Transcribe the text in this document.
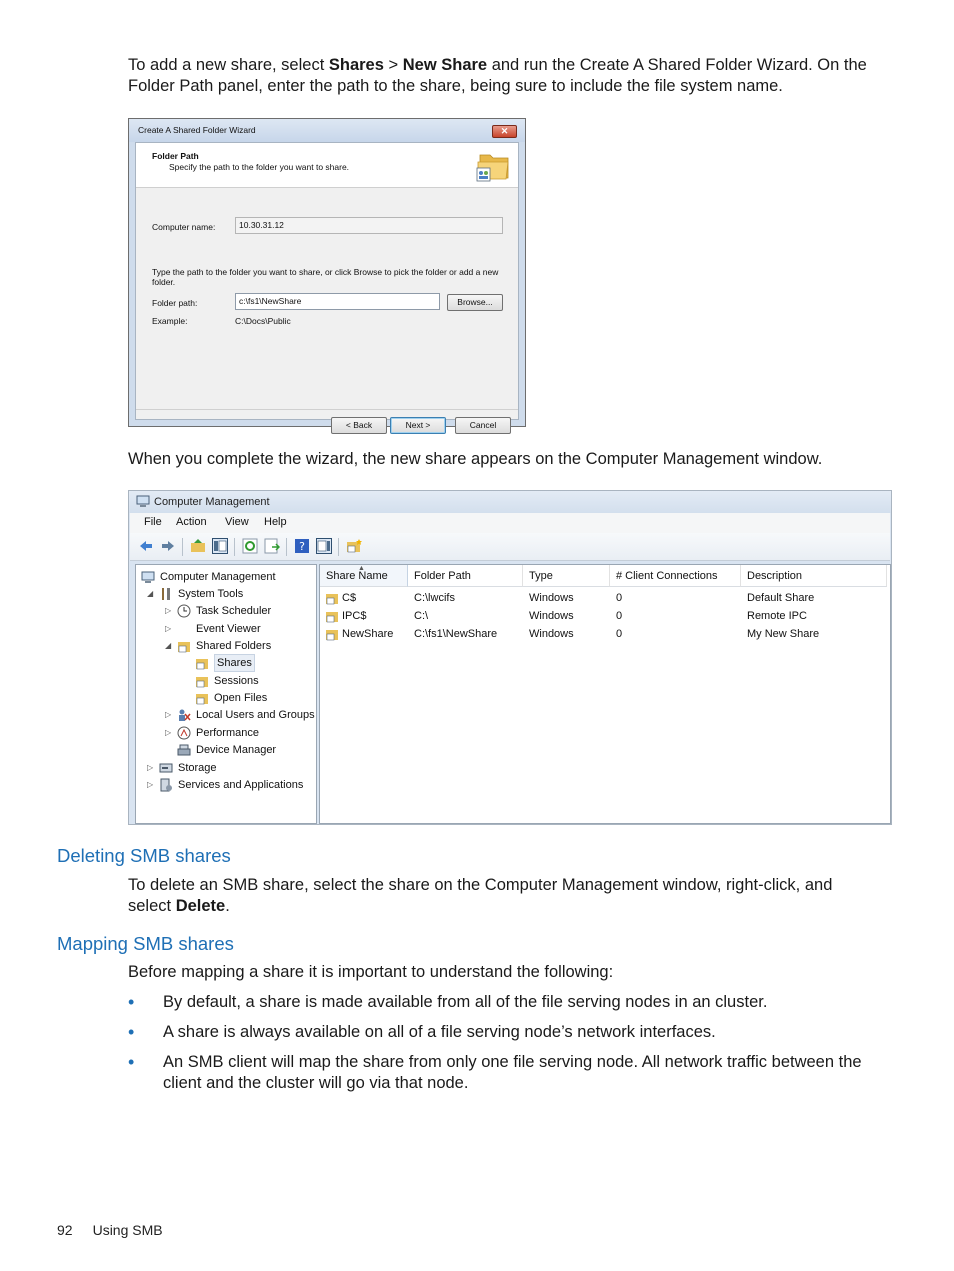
To add a new share, select Shares > New Share and run the Create A Shared Folder Wizard. On the Folder Path panel, enter the path to the share, being sure to include the file system name.

Create A Shared Folder Wizard	✕
Folder Path
Specify the path to the folder you want to share.
Computer name:	10.30.31.12
Type the path to the folder you want to share, or click Browse to pick the folder or add a new folder.
Folder path:	c:\fs1\NewShare	Browse...
Example:	C:\Docs\Public
< Back	Next >	Cancel

When you complete the wizard, the new share appears on the Computer Management window.

Computer Management
File Action View Help
?
Computer Management
◢ System Tools
▷ Task Scheduler
▷ Event Viewer
◢ Shared Folders
Shares
Sessions
Open Files
▷ Local Users and Groups
▷ Performance
Device Manager
▷ Storage
▷ Services and Applications
▲
Share Name	Folder Path	Type	# Client Connections	Description
C$	C:\lwcifs	Windows	0	Default Share
IPC$	C:\	Windows	0	Remote IPC
NewShare C:\fs1\NewShare	Windows	0	My New Share
Deleting SMB shares

To delete an SMB share, select the share on the Computer Management window, right-click, and select Delete.

Mapping SMB shares

Before mapping a share it is important to understand the following:

• By default, a share is made available from all of the file serving nodes in an cluster.
• A share is always available on all of a file serving node’s network interfaces.
• An SMB client will map the share from only one file serving node. All network traffic between the client and the cluster will go via that node.
92 Using SMB
